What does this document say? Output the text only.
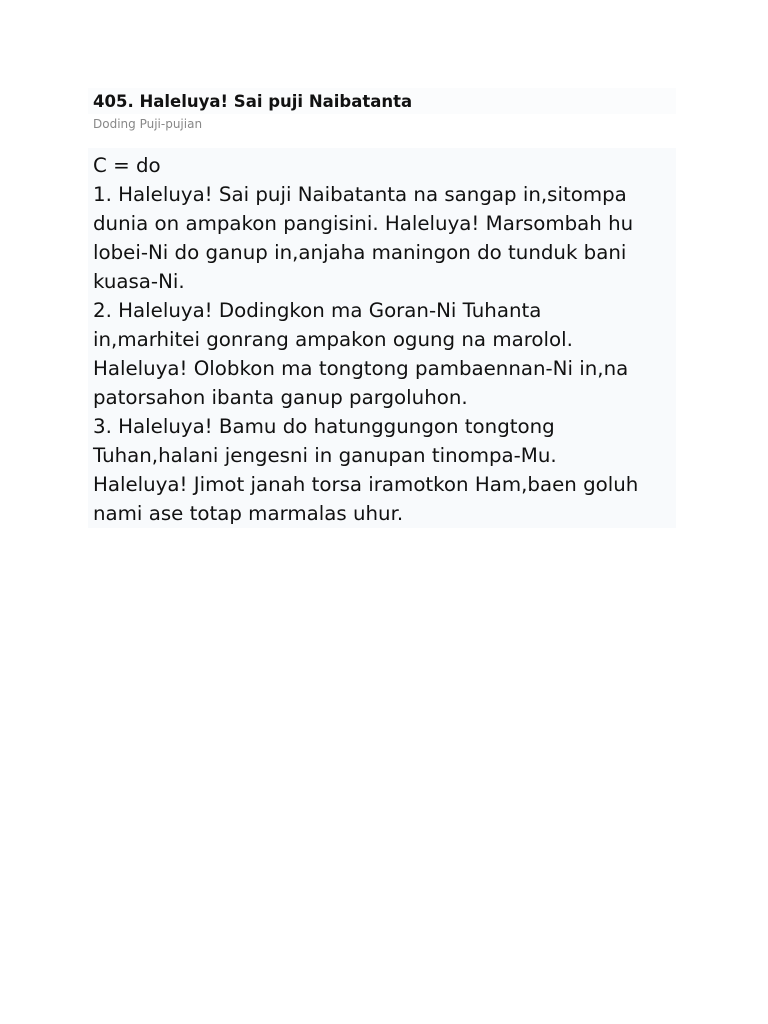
405. Haleluya! Sai puji Naibatanta
Doding Puji-pujian
C = do
1. Haleluya! Sai puji Naibatanta na sangap in,sitompa
dunia on ampakon pangisini. Haleluya! Marsombah hu
lobei-Ni do ganup in,anjaha maningon do tunduk bani
kuasa-Ni.
2. Haleluya! Dodingkon ma Goran-Ni Tuhanta
in,marhitei gonrang ampakon ogung na marolol.
Haleluya! Olobkon ma tongtong pambaennan-Ni in,na
patorsahon ibanta ganup pargoluhon.
3. Haleluya! Bamu do hatunggungon tongtong
Tuhan,halani jengesni in ganupan tinompa-Mu.
Haleluya! Jimot janah torsa iramotkon Ham,baen goluh
nami ase totap marmalas uhur.
